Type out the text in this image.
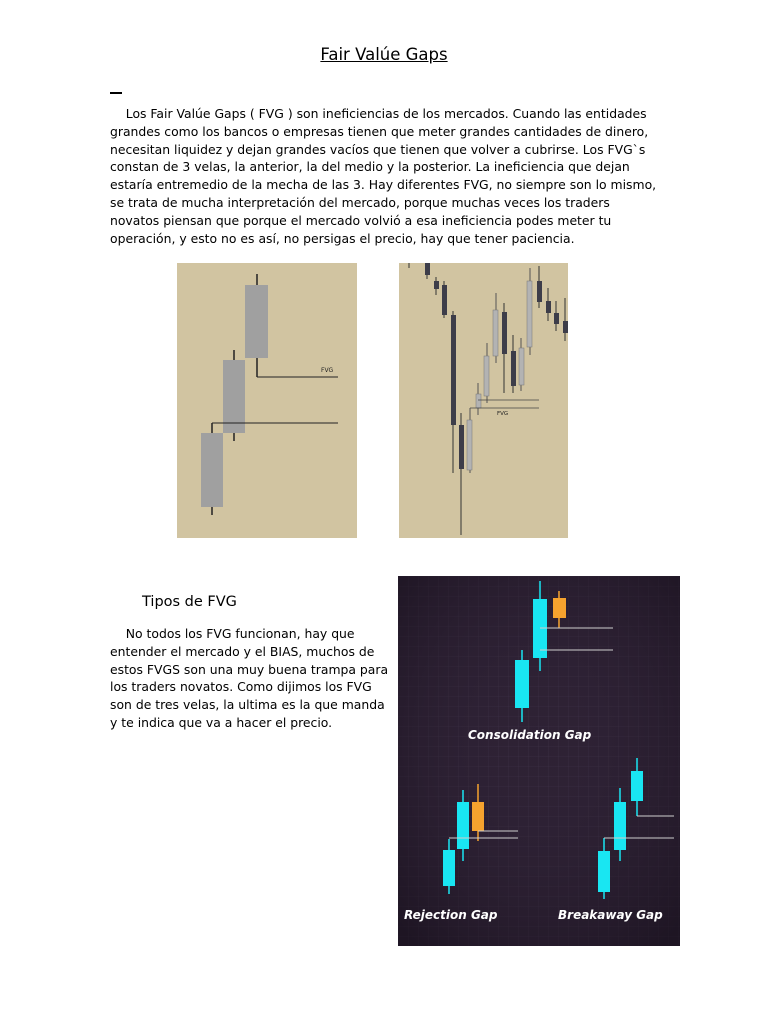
Fair Valúe Gaps
Los Fair Valúe Gaps ( FVG ) son ineficiencias de los mercados. Cuando las entidades grandes como los bancos o empresas tienen que meter grandes cantidades de dinero, necesitan liquidez y dejan grandes vacíos que tienen que volver a cubrirse. Los FVG`s constan de 3 velas, la anterior, la del medio y la posterior. La ineficiencia que dejan estaría entremedio de la mecha de las 3. Hay diferentes FVG, no siempre son lo mismo, se trata de mucha interpretación del mercado, porque muchas veces los traders novatos piensan que porque el mercado volvió a esa ineficiencia podes meter tu operación, y esto no es así, no persigas el precio, hay que tener paciencia.
FVG
FVG
Tipos de FVG
No todos los FVG funcionan, hay que entender el mercado y el BIAS, muchos de estos FVGS son una muy buena trampa para los traders novatos. Como dijimos los FVG son de tres velas, la ultima es la que manda y te indica que va a hacer el precio.
Consolidation Gap
Rejection Gap	Breakaway Gap
